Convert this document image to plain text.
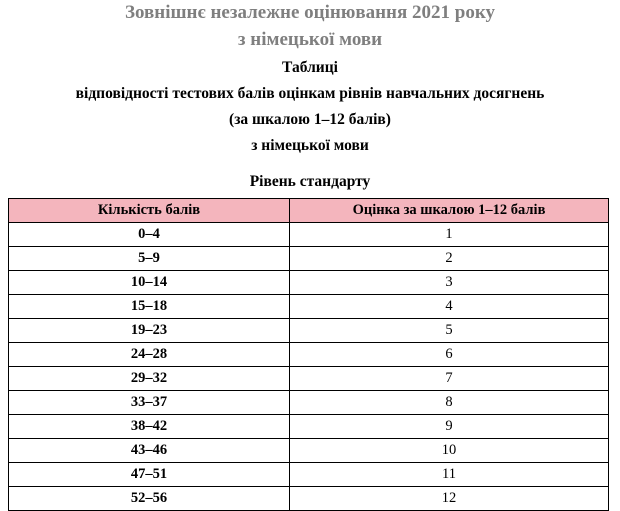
Зовнішнє незалежне оцінювання 2021 року
з німецької мови
Таблиці
відповідності тестових балів оцінкам рівнів навчальних досягнень
(за шкалою 1–12 балів)
з німецької мови
Рівень стандарту
Кількість балів	Оцінка за шкалою 1–12 балів
0–4	1
5–9	2
10–14	3
15–18	4
19–23	5
24–28	6
29–32	7
33–37	8
38–42	9
43–46	10
47–51	11
52–56	12
